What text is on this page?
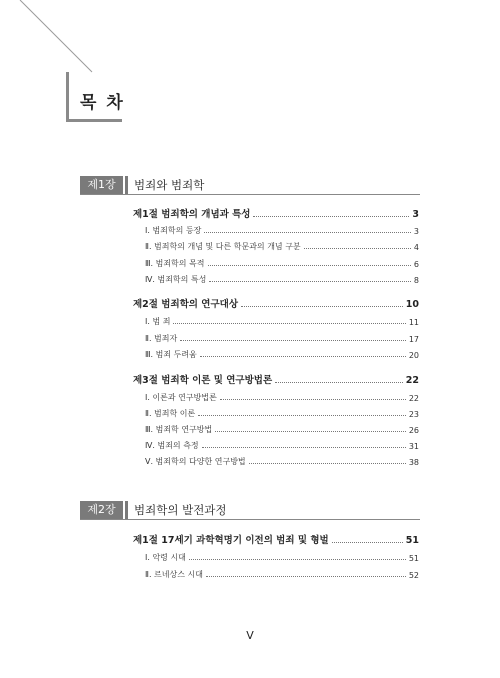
목 차
제1장	범죄와 범죄학
제1절 범죄학의 개념과 특성	3
Ⅰ. 범죄학의 등장	3
Ⅱ. 범죄학의 개념 및 다른 학문과의 개념 구분	4
Ⅲ. 범죄학의 목적	6
Ⅳ. 범죄학의 특성	8
제2절 범죄학의 연구대상	10
Ⅰ. 범 죄	11
Ⅱ. 범죄자	17
Ⅲ. 범죄 두려움	20
제3절 범죄학 이론 및 연구방법론	22
Ⅰ. 이론과 연구방법론	22
Ⅱ. 범죄학 이론	23
Ⅲ. 범죄학 연구방법	26
Ⅳ. 범죄의 측정	31
Ⅴ. 범죄학의 다양한 연구방법	38
제2장	범죄학의 발전과정
제1절 17세기 과학혁명기 이전의 범죄 및 형벌	51
Ⅰ. 악령 시대	51
Ⅱ. 르네상스 시대	52
V
